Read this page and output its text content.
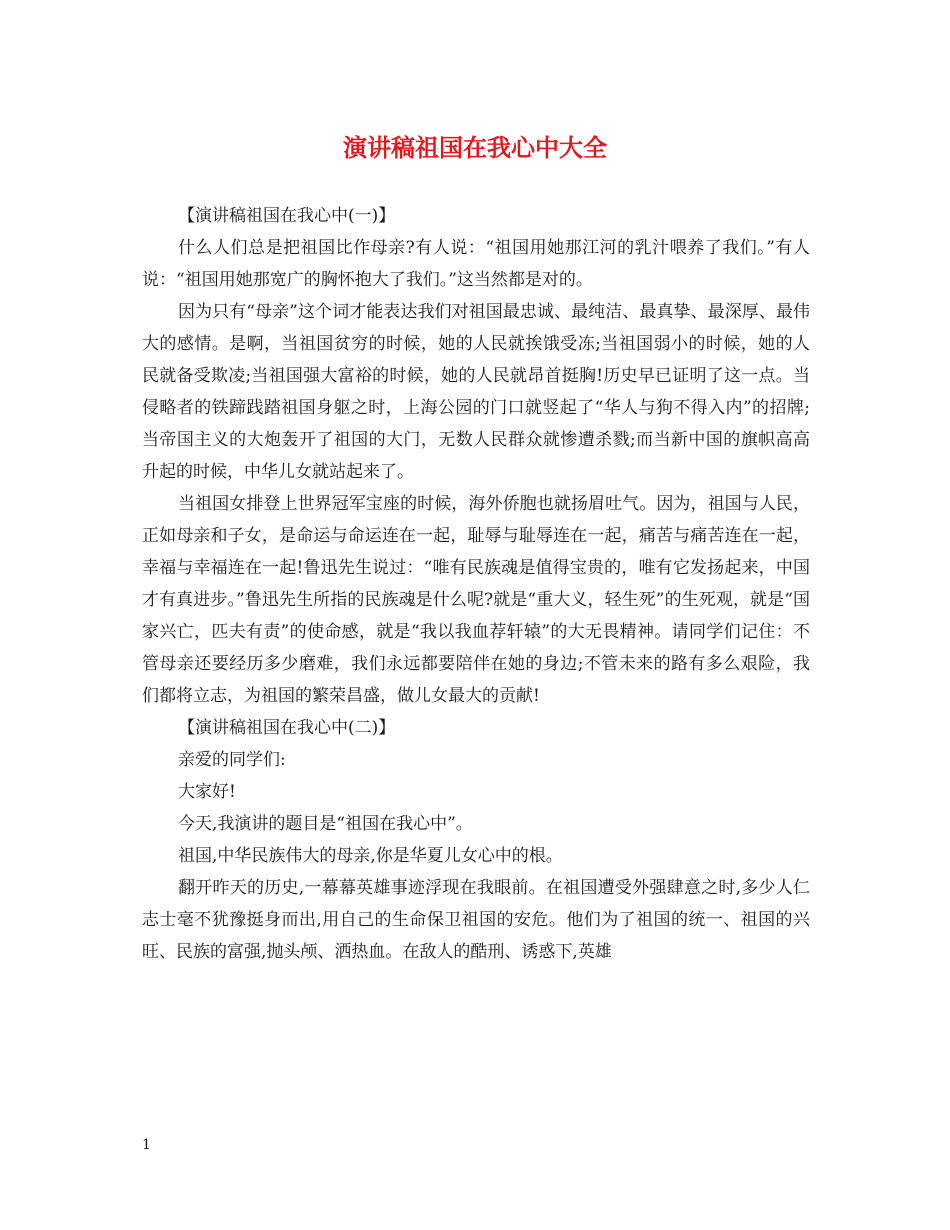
演讲稿祖国在我心中大全

【演讲稿祖国在我心中(一)】

什么人们总是把祖国比作母亲?有人说：“祖国用她那江河的乳汁喂养了我们。”有人说：“祖国用她那宽广的胸怀抱大了我们。”这当然都是对的。

因为只有“母亲”这个词才能表达我们对祖国最忠诚、最纯洁、最真挚、最深厚、最伟大的感情。是啊，当祖国贫穷的时候，她的人民就挨饿受冻;当祖国弱小的时候，她的人民就备受欺凌;当祖国强大富裕的时候，她的人民就昂首挺胸!历史早已证明了这一点。当侵略者的铁蹄践踏祖国身躯之时，上海公园的门口就竖起了“华人与狗不得入内”的招牌;当帝国主义的大炮轰开了祖国的大门，无数人民群众就惨遭杀戮;而当新中国的旗帜高高升起的时候，中华儿女就站起来了。

当祖国女排登上世界冠军宝座的时候，海外侨胞也就扬眉吐气。因为，祖国与人民，正如母亲和子女，是命运与命运连在一起，耻辱与耻辱连在一起，痛苦与痛苦连在一起，幸福与幸福连在一起!鲁迅先生说过：“唯有民族魂是值得宝贵的，唯有它发扬起来，中国才有真进步。”鲁迅先生所指的民族魂是什么呢?就是“重大义，轻生死”的生死观，就是“国家兴亡，匹夫有责”的使命感，就是“我以我血荐轩辕”的大无畏精神。请同学们记住：不管母亲还要经历多少磨难，我们永远都要陪伴在她的身边;不管未来的路有多么艰险，我们都将立志，为祖国的繁荣昌盛，做儿女最大的贡献!

【演讲稿祖国在我心中(二)】

亲爱的同学们:

大家好!

今天,我演讲的题目是“祖国在我心中”。

祖国,中华民族伟大的母亲,你是华夏儿女心中的根。

翻开昨天的历史,一幕幕英雄事迹浮现在我眼前。在祖国遭受外强肆意之时,多少人仁志士毫不犹豫挺身而出,用自己的生命保卫祖国的安危。他们为了祖国的统一、祖国的兴旺、民族的富强,抛头颅、洒热血。在敌人的酷刑、诱惑下,英雄

1
